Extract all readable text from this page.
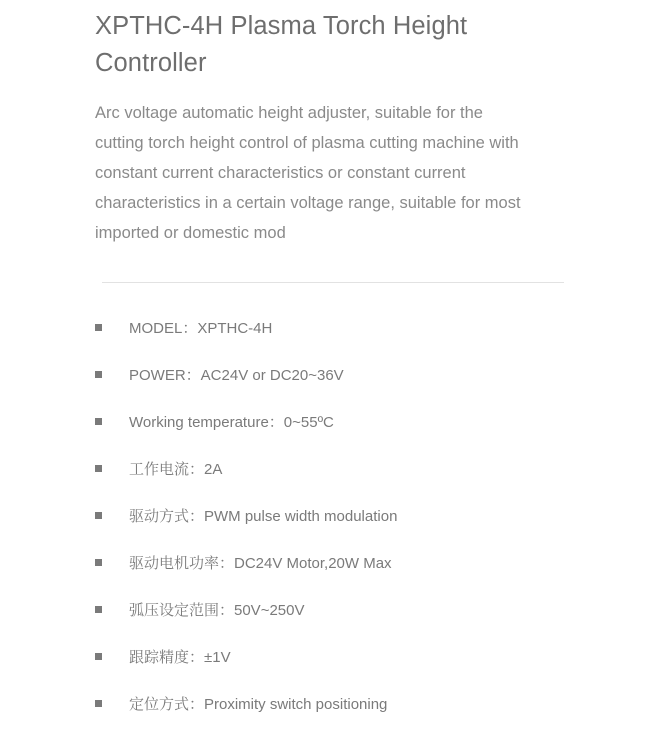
XPTHC-4H Plasma Torch Height Controller

Arc voltage automatic height adjuster, suitable for the cutting torch height control of plasma cutting machine with constant current characteristics or constant current characteristics in a certain voltage range, suitable for most imported or domestic mod

MODEL：XPTHC-4H
POWER：AC24V or DC20~36V
Working temperature：0~55ºC
工作电流：2A
驱动方式：PWM pulse width modulation
驱动电机功率：DC24V Motor,20W Max
弧压设定范围：50V~250V
跟踪精度：±1V
定位方式：Proximity switch positioning
